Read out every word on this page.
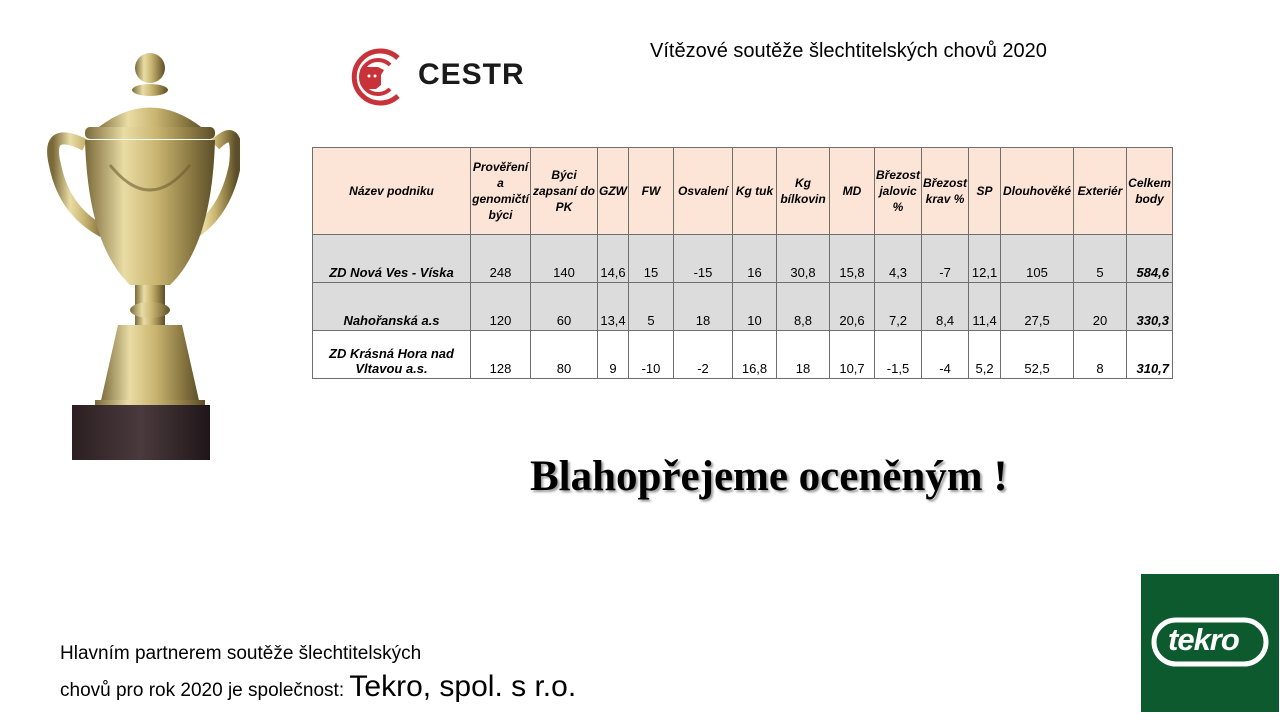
CESTR
Vítězové soutěže šlechtitelských chovů 2020
Název podniku	Prověření a genomičtí býci	Býci zapsaní do PK	GZW	FW	Osvalení	Kg tuk	Kg bílkovin	MD	Březost jalovic %	Březost krav %	SP	Dlouhověké	Exteriér	Celkem body
ZD Nová Ves - Víska	248	140	14,6	15	-15	16	30,8	15,8	4,3	-7	12,1	105	5	584,6
Nahořanská a.s	120	60	13,4	5	18	10	8,8	20,6	7,2	8,4	11,4	27,5	20	330,3
ZD Krásná Hora nad Vltavou a.s.	128	80	9	-10	-2	16,8	18	10,7	-1,5	-4	5,2	52,5	8	310,7
Blahopřejeme oceněným !
Hlavním partnerem soutěže šlechtitelských
chovů pro rok 2020 je společnost: Tekro, spol. s r.o.
tekro
